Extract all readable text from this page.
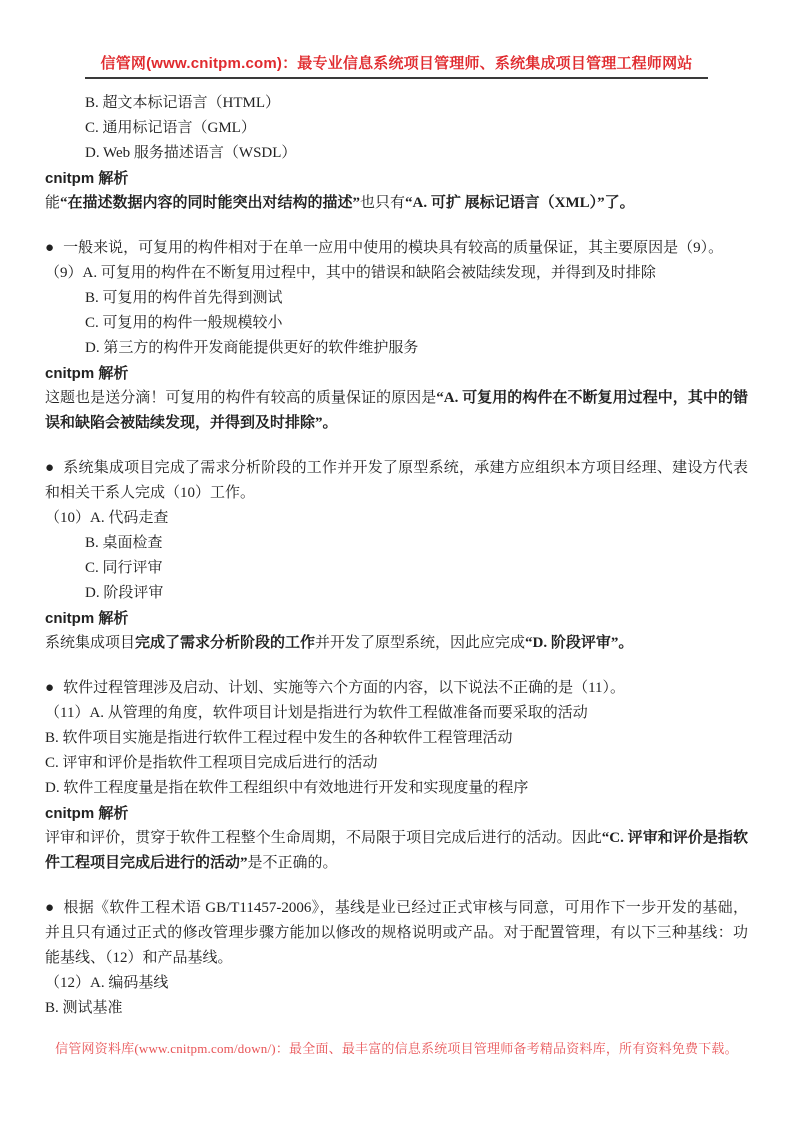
信管网(www.cnitpm.com)：最专业信息系统项目管理师、系统集成项目管理工程师网站
B. 超文本标记语言（HTML）
C. 通用标记语言（GML）
D. Web 服务描述语言（WSDL）
cnitpm 解析
能“在描述数据内容的同时能突出对结构的描述”也只有“A. 可扩 展标记语言（XML）”了。
● 一般来说，可复用的构件相对于在单一应用中使用的模块具有较高的质量保证，其主要原因是（9）。
（9）A. 可复用的构件在不断复用过程中，其中的错误和缺陷会被陆续发现，并得到及时排除
B. 可复用的构件首先得到测试
C. 可复用的构件一般规模较小
D. 第三方的构件开发商能提供更好的软件维护服务
cnitpm 解析
这题也是送分滴！可复用的构件有较高的质量保证的原因是“A. 可复用的构件在不断复用过程中，其中的错误和缺陷会被陆续发现，并得到及时排除”。
● 系统集成项目完成了需求分析阶段的工作并开发了原型系统，承建方应组织本方项目经理、建设方代表和相关干系人完成（10）工作。
（10）A. 代码走查
B. 桌面检查
C. 同行评审
D. 阶段评审
cnitpm 解析
系统集成项目完成了需求分析阶段的工作并开发了原型系统，因此应完成“D. 阶段评审”。
● 软件过程管理涉及启动、计划、实施等六个方面的内容，以下说法不正确的是（11）。
（11）A. 从管理的角度，软件项目计划是指进行为软件工程做准备而要采取的活动
B. 软件项目实施是指进行软件工程过程中发生的各种软件工程管理活动
C. 评审和评价是指软件工程项目完成后进行的活动
D. 软件工程度量是指在软件工程组织中有效地进行开发和实现度量的程序
cnitpm 解析
评审和评价，贯穿于软件工程整个生命周期，不局限于项目完成后进行的活动。因此“C. 评审和评价是指软件工程项目完成后进行的活动”是不正确的。
● 根据《软件工程术语 GB/T11457-2006》，基线是业已经过正式审核与同意，可用作下一步开发的基础，并且只有通过正式的修改管理步骤方能加以修改的规格说明或产品。对于配置管理，有以下三种基线：功能基线、（12）和产品基线。
（12）A. 编码基线
B. 测试基准
信管网资料库(www.cnitpm.com/down/)：最全面、最丰富的信息系统项目管理师备考精品资料库，所有资料免费下载。
